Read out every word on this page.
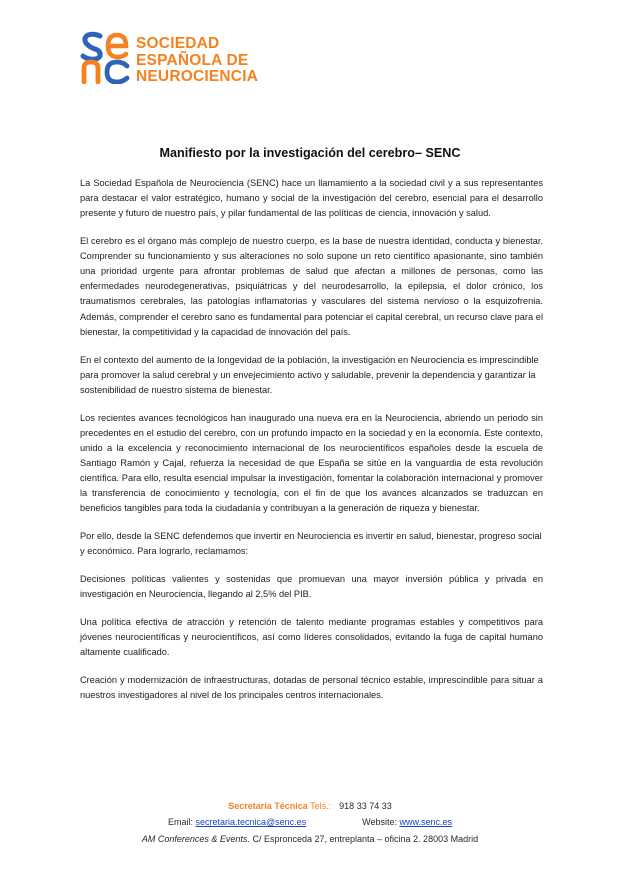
SOCIEDAD
ESPAÑOLA DE
NEUROCIENCIA
Manifiesto por la investigación del cerebro– SENC

La Sociedad Española de Neurociencia (SENC) hace un llamamiento a la sociedad civil y a sus representantes para destacar el valor estratégico, humano y social de la investigación del cerebro, esencial para el desarrollo presente y futuro de nuestro país, y pilar fundamental de las políticas de ciencia, innovación y salud.

El cerebro es el órgano más complejo de nuestro cuerpo, es la base de nuestra identidad, conducta y bienestar. Comprender su funcionamiento y sus alteraciones no solo supone un reto científico apasionante, sino también una prioridad urgente para afrontar problemas de salud que afectan a millones de personas, como las enfermedades neurodegenerativas, psiquiátricas y del neurodesarrollo, la epilepsia, el dolor crónico, los traumatismos cerebrales, las patologías inflamatorias y vasculares del sistema nervioso o la esquizofrenia. Además, comprender el cerebro sano es fundamental para potenciar el capital cerebral, un recurso clave para el bienestar, la competitividad y la capacidad de innovación del país.

En el contexto del aumento de la longevidad de la población, la investigación en Neurociencia es imprescindible para promover la salud cerebral y un envejecimiento activo y saludable, prevenir la dependencia y garantizar la sostenibilidad de nuestro sistema de bienestar.

Los recientes avances tecnológicos han inaugurado una nueva era en la Neurociencia, abriendo un periodo sin precedentes en el estudio del cerebro, con un profundo impacto en la sociedad y en la economía. Este contexto, unido a la excelencia y reconocimiento internacional de los neurocientíficos españoles desde la escuela de Santiago Ramón y Cajal, refuerza la necesidad de que España se sitúe en la vanguardia de esta revolución científica. Para ello, resulta esencial impulsar la investigación, fomentar la colaboración internacional y promover la transferencia de conocimiento y tecnología, con el fin de que los avances alcanzados se traduzcan en beneficios tangibles para toda la ciudadanía y contribuyan a la generación de riqueza y bienestar.

Por ello, desde la SENC defendemos que invertir en Neurociencia es invertir en salud, bienestar, progreso social y económico. Para lograrlo, reclamamos:

Decisiones políticas valientes y sostenidas que promuevan una mayor inversión pública y privada en investigación en Neurociencia, llegando al 2,5% del PIB.

Una política efectiva de atracción y retención de talento mediante programas estables y competitivos para jóvenes neurocientíficas y neurocientíficos, así como líderes consolidados, evitando la fuga de capital humano altamente cualificado.

Creación y modernización de infraestructuras, dotadas de personal técnico estable, imprescindible para situar a nuestros investigadores al nivel de los principales centros internacionales.

Secretaría Técnica Tels.: 918 33 74 33
Email: secretaria.tecnica@senc.es	Website: www.senc.es
AM Conferences & Events. C/ Espronceda 27, entreplanta – oficina 2. 28003 Madrid
